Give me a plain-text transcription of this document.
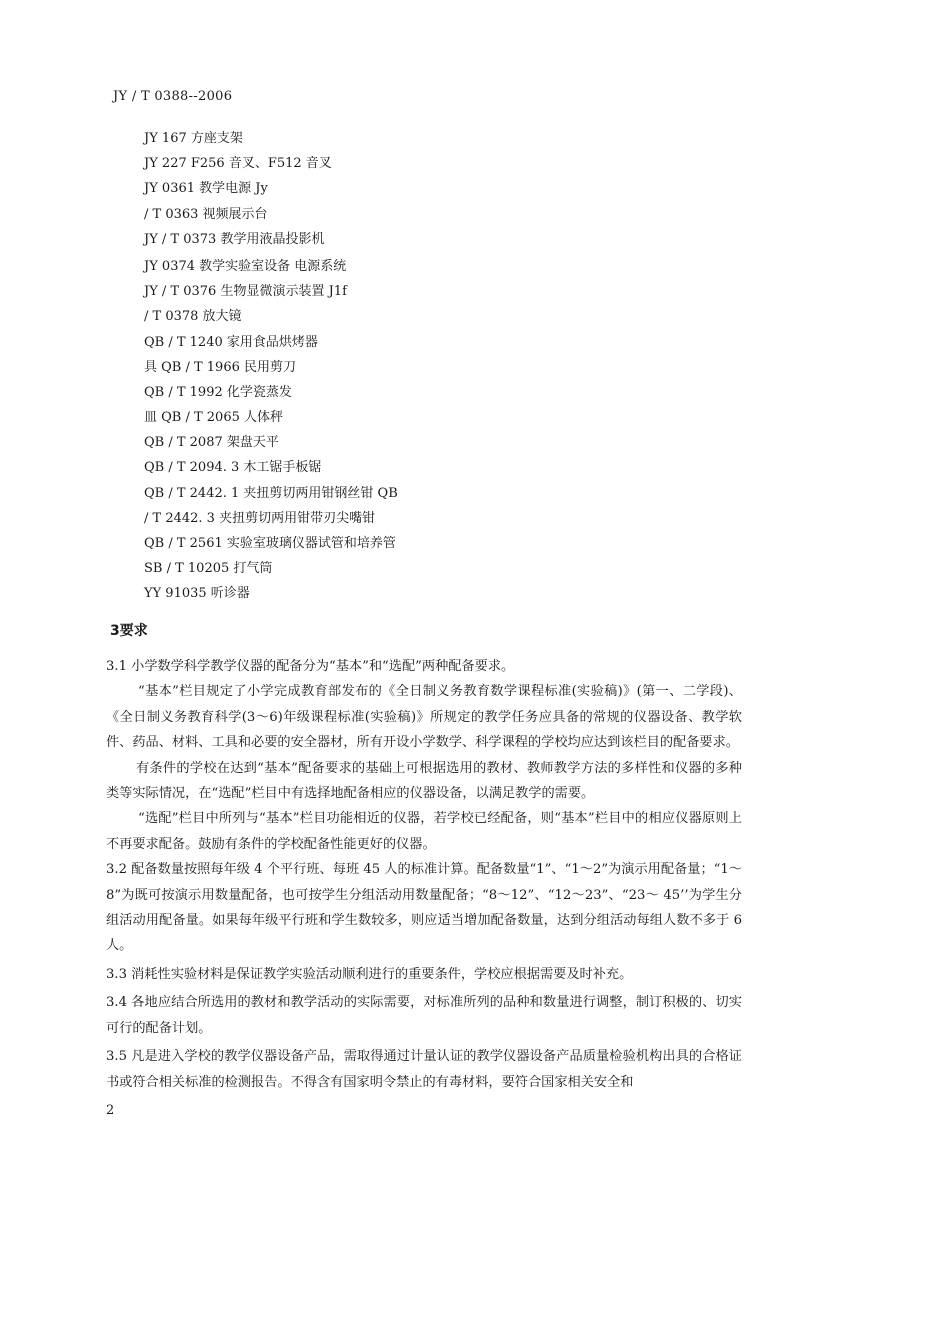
JY / T 0388--2006
JY 167 方座支架
JY 227 F256 音叉、F512 音叉
JY 0361 教学电源 Jy
/ T 0363 视频展示台
JY / T 0373 教学用液晶投影机
JY 0374 教学实验室设备 电源系统
JY / T 0376 生物显微演示装置 J1f
/ T 0378 放大镜
QB / T 1240 家用食品烘烤器
具 QB / T 1966 民用剪刀
QB / T 1992 化学瓷蒸发
皿 QB / T 2065 人体秤
QB / T 2087 架盘天平
QB / T 2094. 3 木工锯手板锯
QB / T 2442. 1 夹扭剪切两用钳钢丝钳 QB
/ T 2442. 3 夹扭剪切两用钳带刃尖嘴钳
QB / T 2561 实验室玻璃仪器试管和培养管
SB / T 10205 打气筒
YY 91035 听诊器
3要求

3.1 小学数学科学教学仪器的配备分为“基本”和“选配”两种配备要求。

“基本”栏目规定了小学完成教育部发布的《全日制义务教育数学课程标准(实验稿)》(第一、二学段)、《全日制义务教育科学(3～6)年级课程标准(实验稿)》所规定的教学任务应具备的常规的仪器设备、教学软件、药品、材料、工具和必要的安全器材，所有开设小学数学、科学课程的学校均应达到该栏目的配备要求。

有条件的学校在达到“基本”配备要求的基础上可根据选用的教材、教师教学方法的多样性和仪器的多种类等实际情况，在“选配”栏目中有选择地配备相应的仪器设备，以满足教学的需要。

“选配”栏目中所列与“基本”栏目功能相近的仪器，若学校已经配备，则“基本”栏目中的相应仪器原则上不再要求配备。鼓励有条件的学校配备性能更好的仪器。

3.2 配备数量按照每年级 4 个平行班、每班 45 人的标准计算。配备数量“1”、“1～2”为演示用配备量；“1～8”为既可按演示用数量配备，也可按学生分组活动用数量配备；“8～12”、“12～23”、“23～ 45’’为学生分组活动用配备量。如果每年级平行班和学生数较多，则应适当增加配备数量，达到分组活动每组人数不多于 6 人。

3.3 消耗性实验材料是保证教学实验活动顺利进行的重要条件，学校应根据需要及时补充。

3.4 各地应结合所选用的教材和教学活动的实际需要，对标准所列的品种和数量进行调整，制订积极的、切实可行的配备计划。

3.5 凡是进入学校的教学仪器设备产品，需取得通过计量认证的教学仪器设备产品质量检验机构出具的合格证书或符合相关标准的检测报告。不得含有国家明令禁止的有毒材料，要符合国家相关安全和

2
